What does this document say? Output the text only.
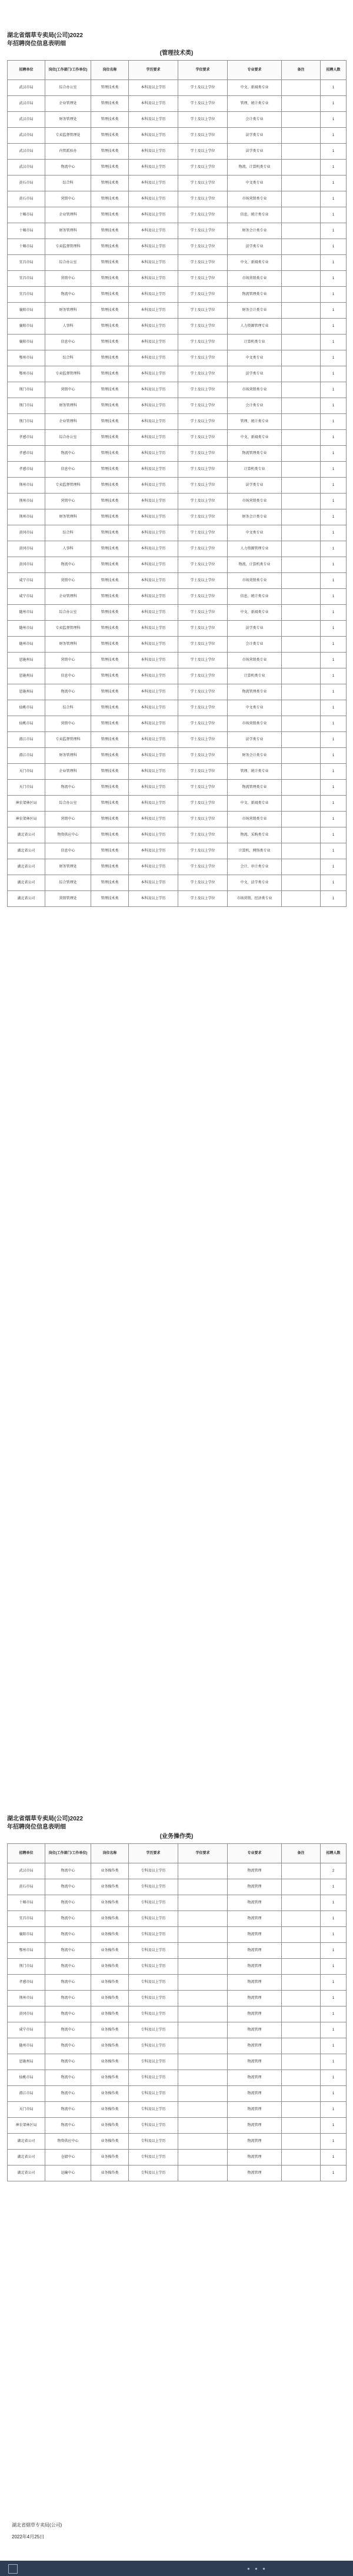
湖北省烟草专卖局(公司)2022
年招聘岗位信息表明细
(管理技术类)
招聘单位	岗位(工作部门/工作单位)	岗位名称	学历要求	学位要求	专业要求	备注	招聘人数
武汉市局	综合办公室	管理技术类	本科及以上学历	学士及以上学位	中文、新闻类专业		1
武汉市局	企业管理处	管理技术类	本科及以上学历	学士及以上学位	管理、统计类专业		1
武汉市局	财务管理处	管理技术类	本科及以上学历	学士及以上学位	会计类专业		1
武汉市局	专卖监督管理处	管理技术类	本科及以上学历	学士及以上学位	法学类专业		1
武汉市局	内管派驻办	管理技术类	本科及以上学历	学士及以上学位	法学类专业		1
武汉市局	物流中心	管理技术类	本科及以上学历	学士及以上学位	物流、计算机类专业		1
黄石市局	综合科	管理技术类	本科及以上学历	学士及以上学位	中文类专业		1
黄石市局	营销中心	管理技术类	本科及以上学历	学士及以上学位	市场营销类专业		1
十堰市局	企业管理科	管理技术类	本科及以上学历	学士及以上学位	信息、统计类专业		1
十堰市局	财务管理科	管理技术类	本科及以上学历	学士及以上学位	财务会计类专业		1
十堰市局	专卖监督管理科	管理技术类	本科及以上学历	学士及以上学位	法学类专业		1
宜昌市局	综合办公室	管理技术类	本科及以上学历	学士及以上学位	中文、新闻类专业		1
宜昌市局	营销中心	管理技术类	本科及以上学历	学士及以上学位	市场营销类专业		1
宜昌市局	物流中心	管理技术类	本科及以上学历	学士及以上学位	物流管理类专业		1
襄阳市局	财务管理科	管理技术类	本科及以上学历	学士及以上学位	财务会计类专业		1
襄阳市局	人事科	管理技术类	本科及以上学历	学士及以上学位	人力资源管理专业		1
襄阳市局	信息中心	管理技术类	本科及以上学历	学士及以上学位	计算机类专业		1
鄂州市局	综合科	管理技术类	本科及以上学历	学士及以上学位	中文类专业		1
鄂州市局	专卖监督管理科	管理技术类	本科及以上学历	学士及以上学位	法学类专业		1
荆门市局	营销中心	管理技术类	本科及以上学历	学士及以上学位	市场营销类专业		1
荆门市局	财务管理科	管理技术类	本科及以上学历	学士及以上学位	会计类专业		1
荆门市局	企业管理科	管理技术类	本科及以上学历	学士及以上学位	管理、统计类专业		1
孝感市局	综合办公室	管理技术类	本科及以上学历	学士及以上学位	中文、新闻类专业		1
孝感市局	物流中心	管理技术类	本科及以上学历	学士及以上学位	物流管理类专业		1
孝感市局	信息中心	管理技术类	本科及以上学历	学士及以上学位	计算机类专业		1
荆州市局	专卖监督管理科	管理技术类	本科及以上学历	学士及以上学位	法学类专业		1
荆州市局	营销中心	管理技术类	本科及以上学历	学士及以上学位	市场营销类专业		1
荆州市局	财务管理科	管理技术类	本科及以上学历	学士及以上学位	财务会计类专业		1
黄冈市局	综合科	管理技术类	本科及以上学历	学士及以上学位	中文类专业		1
黄冈市局	人事科	管理技术类	本科及以上学历	学士及以上学位	人力资源管理专业		1
黄冈市局	物流中心	管理技术类	本科及以上学历	学士及以上学位	物流、计算机类专业		1
咸宁市局	营销中心	管理技术类	本科及以上学历	学士及以上学位	市场营销类专业		1
咸宁市局	企业管理科	管理技术类	本科及以上学历	学士及以上学位	信息、统计类专业		1
随州市局	综合办公室	管理技术类	本科及以上学历	学士及以上学位	中文、新闻类专业		1
随州市局	专卖监督管理科	管理技术类	本科及以上学历	学士及以上学位	法学类专业		1
随州市局	财务管理科	管理技术类	本科及以上学历	学士及以上学位	会计类专业		1
恩施州局	营销中心	管理技术类	本科及以上学历	学士及以上学位	市场营销类专业		1
恩施州局	信息中心	管理技术类	本科及以上学历	学士及以上学位	计算机类专业		1
恩施州局	物流中心	管理技术类	本科及以上学历	学士及以上学位	物流管理类专业		1
仙桃市局	综合科	管理技术类	本科及以上学历	学士及以上学位	中文类专业		1
仙桃市局	营销中心	管理技术类	本科及以上学历	学士及以上学位	市场营销类专业		1
潜江市局	专卖监督管理科	管理技术类	本科及以上学历	学士及以上学位	法学类专业		1
潜江市局	财务管理科	管理技术类	本科及以上学历	学士及以上学位	财务会计类专业		1
天门市局	企业管理科	管理技术类	本科及以上学历	学士及以上学位	管理、统计类专业		1
天门市局	物流中心	管理技术类	本科及以上学历	学士及以上学位	物流管理类专业		1
神农架林区局	综合办公室	管理技术类	本科及以上学历	学士及以上学位	中文、新闻类专业		1
神农架林区局	营销中心	管理技术类	本科及以上学历	学士及以上学位	市场营销类专业		1
湖北省公司	物资供应中心	管理技术类	本科及以上学历	学士及以上学位	物流、采购类专业		1
湖北省公司	信息中心	管理技术类	本科及以上学历	学士及以上学位	计算机、网络类专业		1
湖北省公司	财务管理处	管理技术类	本科及以上学历	学士及以上学位	会计、审计类专业		1
湖北省公司	综合管理处	管理技术类	本科及以上学历	学士及以上学位	中文、法学类专业		1
湖北省公司	营销管理处	管理技术类	本科及以上学历	学士及以上学位	市场营销、经济类专业		1
湖北省烟草专卖局(公司)2022
年招聘岗位信息表明细
(业务操作类)
招聘单位	岗位(工作部门/工作单位)	岗位名称	学历要求	学位要求	专业要求	备注	招聘人数
武汉市局	物流中心	业务操作类	专科及以上学历		物流管理		2
黄石市局	物流中心	业务操作类	专科及以上学历		物流管理		1
十堰市局	物流中心	业务操作类	专科及以上学历		物流管理		1
宜昌市局	物流中心	业务操作类	专科及以上学历		物流管理		1
襄阳市局	物流中心	业务操作类	专科及以上学历		物流管理		1
鄂州市局	物流中心	业务操作类	专科及以上学历		物流管理		1
荆门市局	物流中心	业务操作类	专科及以上学历		物流管理		1
孝感市局	物流中心	业务操作类	专科及以上学历		物流管理		1
荆州市局	物流中心	业务操作类	专科及以上学历		物流管理		1
黄冈市局	物流中心	业务操作类	专科及以上学历		物流管理		1
咸宁市局	物流中心	业务操作类	专科及以上学历		物流管理		1
随州市局	物流中心	业务操作类	专科及以上学历		物流管理		1
恩施州局	物流中心	业务操作类	专科及以上学历		物流管理		1
仙桃市局	物流中心	业务操作类	专科及以上学历		物流管理		1
潜江市局	物流中心	业务操作类	专科及以上学历		物流管理		1
天门市局	物流中心	业务操作类	专科及以上学历		物流管理		1
神农架林区局	物流中心	业务操作类	专科及以上学历		物流管理		1
湖北省公司	物资供应中心	业务操作类	专科及以上学历		物流管理		1
湖北省公司	仓储中心	业务操作类	专科及以上学历		物流管理		1
湖北省公司	运输中心	业务操作类	专科及以上学历		物流管理		1
湖北省烟草专卖局(公司)
2022年4月25日
● ● ●
